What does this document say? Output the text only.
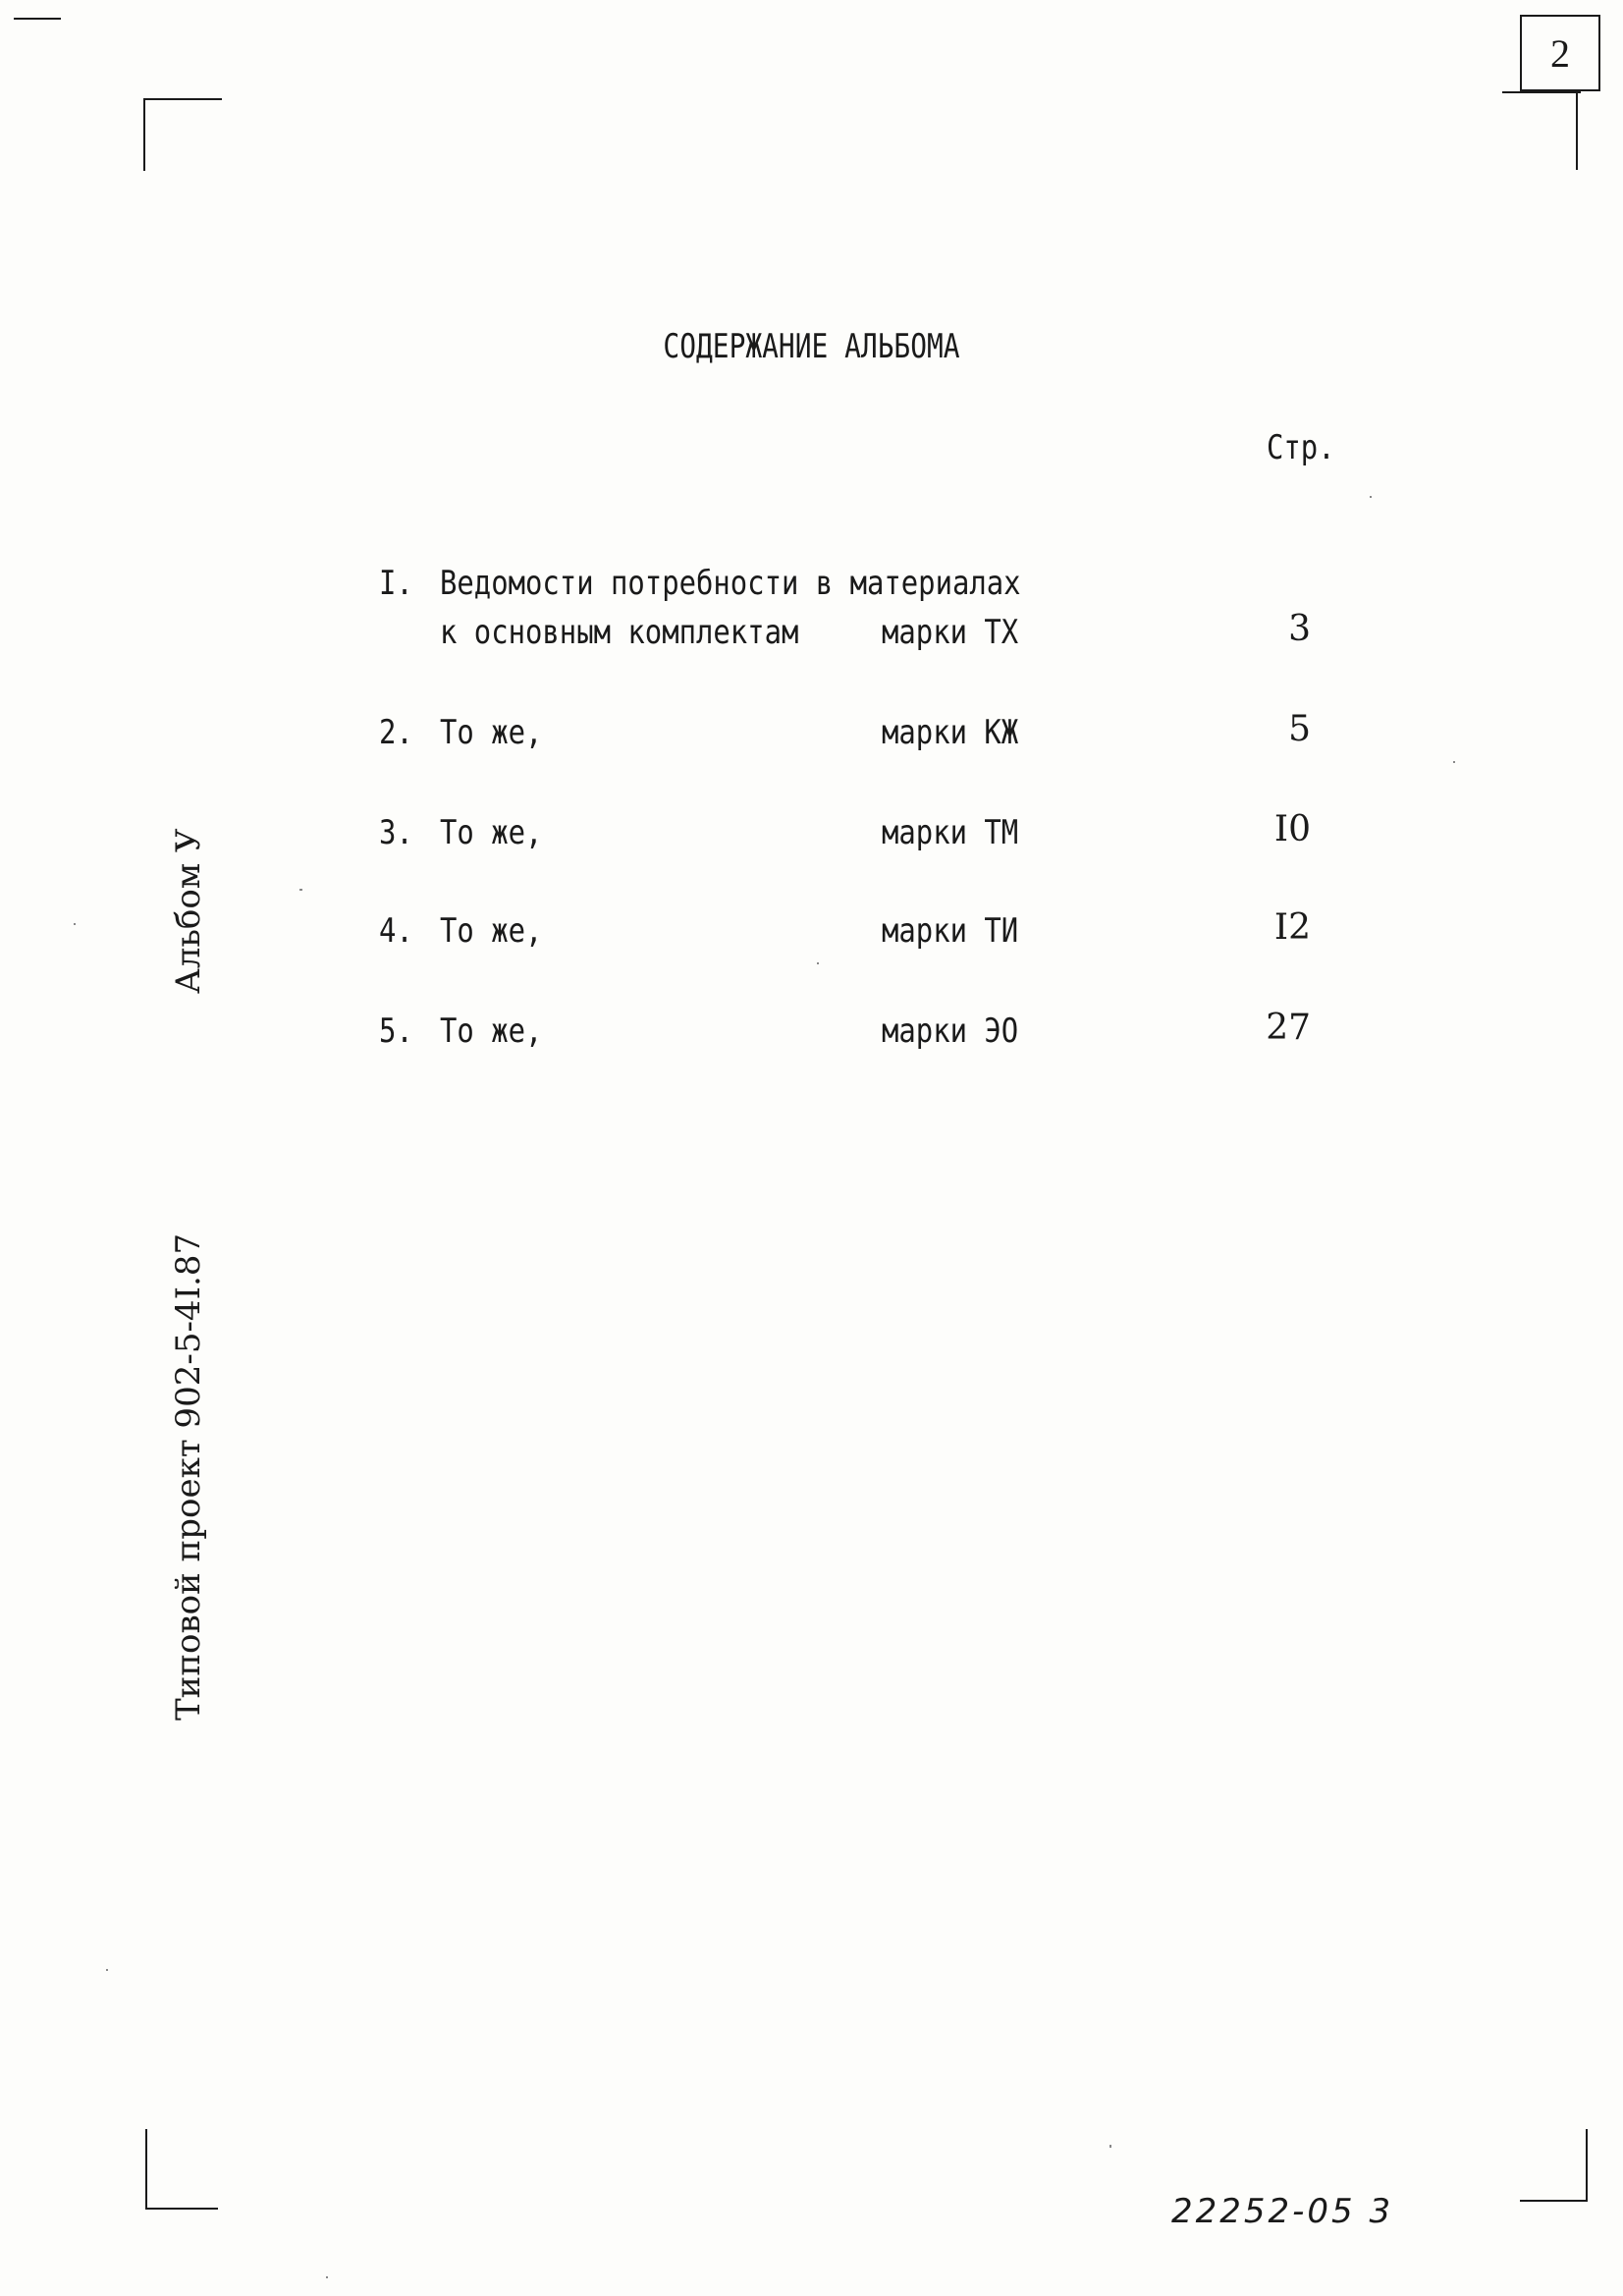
2
СОДЕРЖАНИЕ АЛЬБОМА
Стр.
I. Ведомости потребности в материалах
к основным комплектам марки ТХ	3
2. То же,	марки КЖ	5
3. То же,	марки ТМ	I0
4. То же,	марки ТИ	I2
5. То же,	марки ЭО	27
Альбом У
Типовой проект 902-5-4I.87
22252-05 3
